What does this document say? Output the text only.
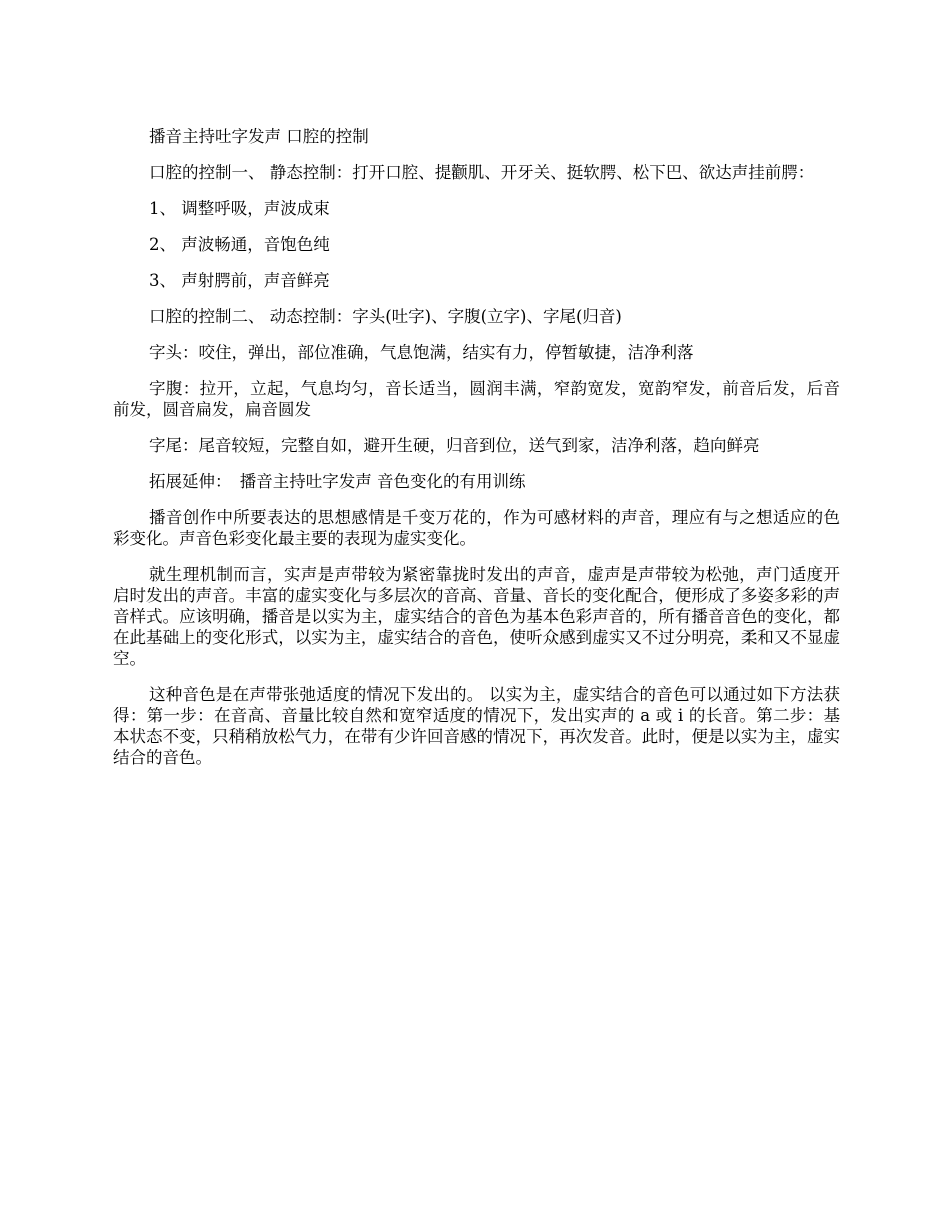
播音主持吐字发声 口腔的控制

口腔的控制一、 静态控制：打开口腔、提颧肌、开牙关、挺软腭、松下巴、欲达声挂前腭：

1、 调整呼吸，声波成束

2、 声波畅通，音饱色纯

3、 声射腭前，声音鲜亮

口腔的控制二、 动态控制：字头(吐字)、字腹(立字)、字尾(归音)

字头：咬住，弹出，部位准确，气息饱满，结实有力，停暂敏捷，洁净利落

字腹：拉开，立起，气息均匀，音长适当，圆润丰满，窄韵宽发，宽韵窄发，前音后发，后音前发，圆音扁发，扁音圆发

字尾：尾音较短，完整自如，避开生硬，归音到位，送气到家，洁净利落，趋向鲜亮

拓展延伸：　播音主持吐字发声 音色变化的有用训练

播音创作中所要表达的思想感情是千变万花的，作为可感材料的声音，理应有与之想适应的色彩变化。声音色彩变化最主要的表现为虚实变化。

就生理机制而言，实声是声带较为紧密靠拢时发出的声音，虚声是声带较为松弛，声门适度开启时发出的声音。丰富的虚实变化与多层次的音高、音量、音长的变化配合，便形成了多姿多彩的声音样式。应该明确，播音是以实为主，虚实结合的音色为基本色彩声音的，所有播音音色的变化，都在此基础上的变化形式，以实为主，虚实结合的音色，使听众感到虚实又不过分明亮，柔和又不显虚空。

这种音色是在声带张弛适度的情况下发出的。 以实为主，虚实结合的音色可以通过如下方法获得：第一步：在音高、音量比较自然和宽窄适度的情况下，发出实声的 a 或 i 的长音。第二步：基本状态不变，只稍稍放松气力，在带有少许回音感的情况下，再次发音。此时，便是以实为主，虚实结合的音色。
